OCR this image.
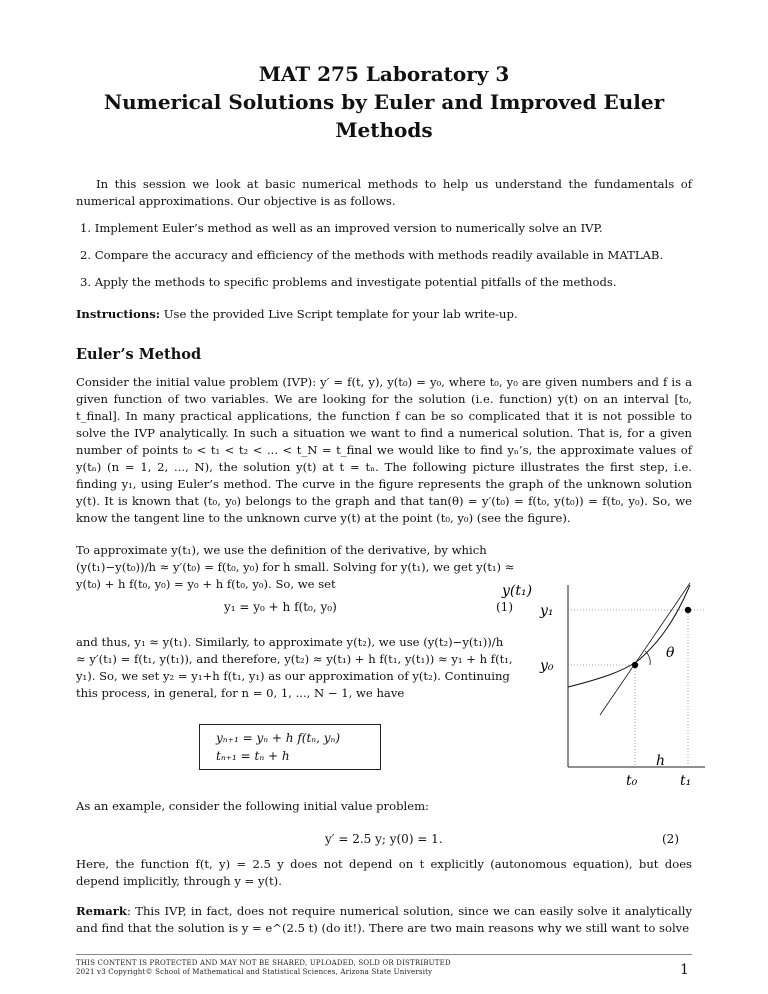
MAT 275 Laboratory 3
Numerical Solutions by Euler and Improved Euler
Methods
In this session we look at basic numerical methods to help us understand the fundamentals of numerical approximations. Our objective is as follows.
1. Implement Euler’s method as well as an improved version to numerically solve an IVP.
2. Compare the accuracy and efficiency of the methods with methods readily available in MATLAB.
3. Apply the methods to specific problems and investigate potential pitfalls of the methods.
Instructions: Use the provided Live Script template for your lab write-up.
Euler’s Method
Consider the initial value problem (IVP): y′ = f(t, y), y(t₀) = y₀, where t₀, y₀ are given numbers and f is a given function of two variables. We are looking for the solution (i.e. function) y(t) on an interval [t₀, t_final]. In many practical applications, the function f can be so complicated that it is not possible to solve the IVP analytically. In such a situation we want to find a numerical solution. That is, for a given number of points t₀ < t₁ < t₂ < ... < t_N = t_final we would like to find yₙ’s, the approximate values of y(tₙ) (n = 1, 2, ..., N), the solution y(t) at t = tₙ. The following picture illustrates the first step, i.e. finding y₁, using Euler’s method. The curve in the figure represents the graph of the unknown solution y(t). It is known that (t₀, y₀) belongs to the graph and that tan(θ) = y′(t₀) = f(t₀, y(t₀)) = f(t₀, y₀). So, we know the tangent line to the unknown curve y(t) at the point (t₀, y₀) (see the figure).
To approximate y(t₁), we use the definition of the derivative, by which (y(t₁)−y(t₀))/h ≈ y′(t₀) = f(t₀, y₀) for h small. Solving for y(t₁), we get y(t₁) ≈ y(t₀) + h f(t₀, y₀) = y₀ + h f(t₀, y₀). So, we set
y₁ = y₀ + h f(t₀, y₀)	(1)
and thus, y₁ ≈ y(t₁). Similarly, to approximate y(t₂), we use (y(t₂)−y(t₁))/h ≈ y′(t₁) = f(t₁, y(t₁)), and therefore, y(t₂) ≈ y(t₁) + h f(t₁, y(t₁)) ≈ y₁ + h f(t₁, y₁). So, we set y₂ = y₁+h f(t₁, y₁) as our approximation of y(t₂). Continuing this process, in general, for n = 0, 1, ..., N − 1, we have
yₙ₊₁ = yₙ + h f(tₙ, yₙ)
tₙ₊₁ = tₙ + h
y(t₁)
y₁
y₀
θ
h
t₀	t₁
As an example, consider the following initial value problem:
y′ = 2.5 y; y(0) = 1.	(2)
Here, the function f(t, y) = 2.5 y does not depend on t explicitly (autonomous equation), but does depend implicitly, through y = y(t).
Remark: This IVP, in fact, does not require numerical solution, since we can easily solve it analytically and find that the solution is y = e^(2.5 t) (do it!). There are two main reasons why we still want to solve
THIS CONTENT IS PROTECTED AND MAY NOT BE SHARED, UPLOADED, SOLD OR DISTRIBUTED
2021 v3 Copyright© School of Mathematical and Statistical Sciences, Arizona State University	1
